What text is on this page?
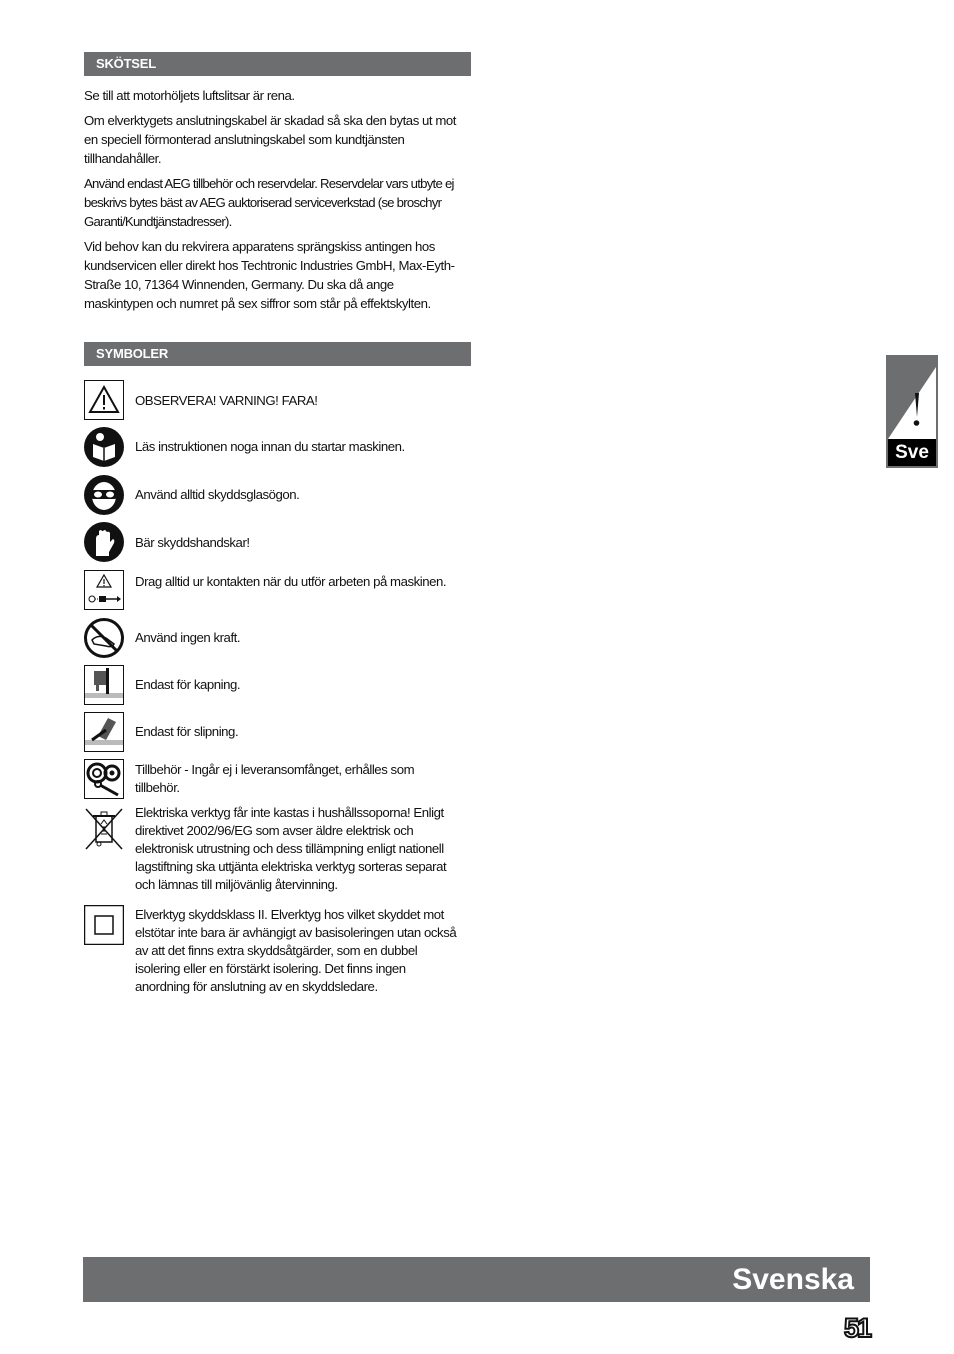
SKÖTSEL

Se till att motorhöljets luftslitsar är rena.

Om elverktygets anslutningskabel är skadad så ska den bytas ut mot en speciell förmonterad anslutningskabel som kundtjänsten tillhandahåller.

Använd endast AEG tillbehör och reservdelar. Reservdelar vars utbyte ej beskrivs bytes bäst av AEG auktoriserad serviceverkstad (se broschyr Garanti/Kundtjänstadresser).

Vid behov kan du rekvirera apparatens sprängskiss antingen hos kundservicen eller direkt hos Techtronic Industries GmbH, Max-Eyth-Straße 10, 71364 Winnenden, Germany. Du ska då ange maskintypen och numret på sex siffror som står på effektskylten.

SYMBOLER
OBSERVERA! VARNING! FARA!
Läs instruktionen noga innan du startar maskinen.
Använd alltid skyddsglasögon.
Bär skyddshandskar!
Drag alltid ur kontakten när du utför arbeten på maskinen.
Använd ingen kraft.
Endast för kapning.
Endast för slipning.
Tillbehör - Ingår ej i leveransomfånget, erhålles som tillbehör.
Elektriska verktyg får inte kastas i hushållssoporna! Enligt direktivet 2002/96/EG som avser äldre elektrisk och elektronisk utrustning och dess tillämpning enligt nationell lagstiftning ska uttjänta elektriska verktyg sorteras separat och lämnas till miljövänlig återvinning.
Elverktyg skyddsklass II. Elverktyg hos vilket skyddet mot elstötar inte bara är avhängigt av basisoleringen utan också av att det finns extra skyddsåtgärder, som en dubbel isolering eller en förstärkt isolering. Det finns ingen anordning för anslutning av en skyddsledare.
Sve
Svenska
51
